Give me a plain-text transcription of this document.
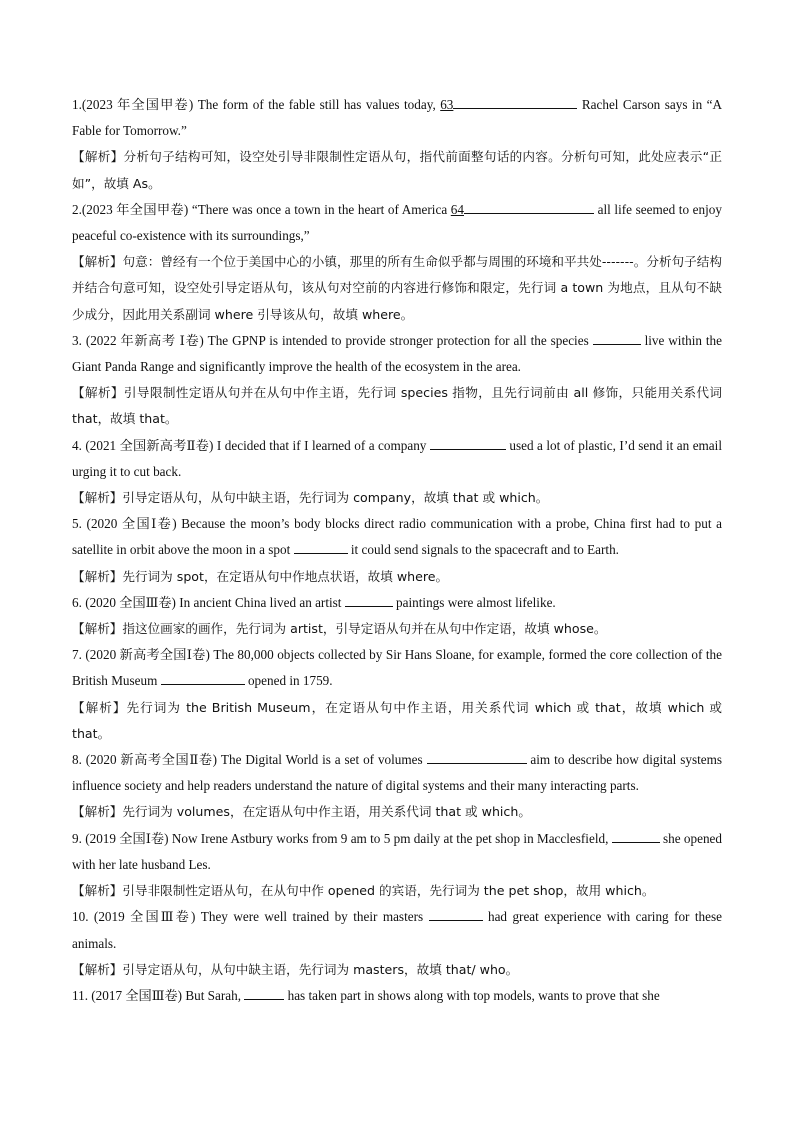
1.(2023 年全国甲卷) The form of the fable still has values today, 63	Rachel Carson says in “A Fable for Tomorrow.”

【解析】分析句子结构可知，设空处引导非限制性定语从句，指代前面整句话的内容。分析句可知，此处应表示“正如”，故填 As。

2.(2023 年全国甲卷) “There was once a town in the heart of America 64	all life seemed to enjoy peaceful co-existence with its surroundings,”

【解析】句意：曾经有一个位于美国中心的小镇，那里的所有生命似乎都与周围的环境和平共处-------。分析句子结构并结合句意可知，设空处引导定语从句，该从句对空前的内容进行修饰和限定，先行词 a town 为地点，且从句不缺少成分，因此用关系副词 where 引导该从句，故填 where。

3. (2022 年新高考 Ⅰ卷) The GPNP is intended to provide stronger protection for all the species	live within the Giant Panda Range and significantly improve the health of the ecosystem in the area.

【解析】引导限制性定语从句并在从句中作主语，先行词 species 指物，且先行词前由 all 修饰，只能用关系代词 that，故填 that。

4. (2021 全国新高考Ⅱ卷) I decided that if I learned of a company	used a lot of plastic, I’d send it an email urging it to cut back.

【解析】引导定语从句，从句中缺主语，先行词为 company，故填 that 或 which。

5. (2020 全国Ⅰ卷) Because the moon’s body blocks direct radio communication with a probe, China first had to put a satellite in orbit above the moon in a spot	it could send signals to the spacecraft and to Earth.

【解析】先行词为 spot，在定语从句中作地点状语，故填 where。

6. (2020 全国Ⅲ卷) In ancient China lived an artist	paintings were almost lifelike.

【解析】指这位画家的画作，先行词为 artist，引导定语从句并在从句中作定语，故填 whose。

7. (2020 新高考全国Ⅰ卷) The 80,000 objects collected by Sir Hans Sloane, for example, formed the core collection of the British Museum	opened in 1759.

【解析】先行词为 the British Museum，在定语从句中作主语，用关系代词 which 或 that，故填 which 或 that。

8. (2020 新高考全国Ⅱ卷) The Digital World is a set of volumes	aim to describe how digital systems influence society and help readers understand the nature of digital systems and their many interacting parts.

【解析】先行词为 volumes，在定语从句中作主语，用关系代词 that 或 which。

9. (2019 全国Ⅰ卷) Now Irene Astbury works from 9 am to 5 pm daily at the pet shop in Macclesfield,	she opened with her late husband Les.

【解析】引导非限制性定语从句，在从句中作 opened 的宾语，先行词为 the pet shop，故用 which。

10. (2019 全国Ⅲ卷) They were well trained by their masters	had great experience with caring for these animals.

【解析】引导定语从句，从句中缺主语，先行词为 masters，故填 that/ who。

11. (2017 全国Ⅲ卷) But Sarah,	has taken part in shows along with top models, wants to prove that she
